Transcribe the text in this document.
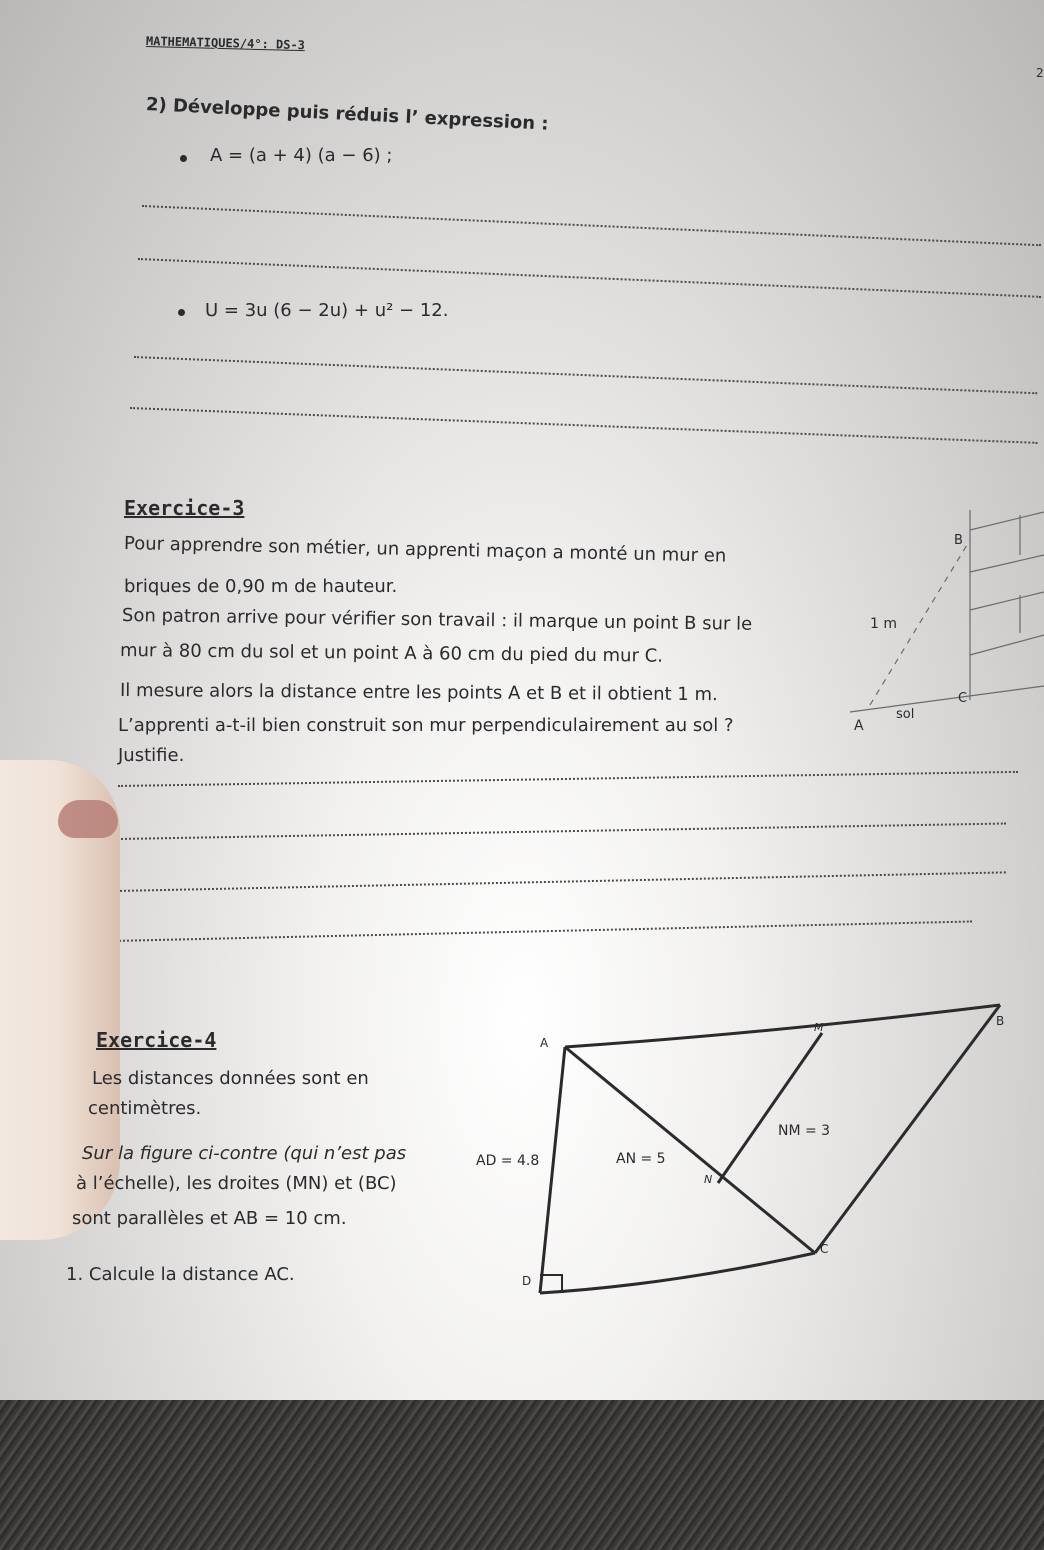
MATHEMATIQUES/4°: DS-3
2
2) Développe puis réduis l’ expression :
A = (a + 4) (a − 6) ;
U = 3u (6 − 2u) + u² − 12.
Exercice-3
Pour apprendre son métier, un apprenti maçon a monté un mur en
briques de 0,90 m de hauteur.
Son patron arrive pour vérifier son travail : il marque un point B sur le
mur à 80 cm du sol et un point A à 60 cm du pied du mur C.
Il mesure alors la distance entre les points A et B et il obtient 1 m.
L’apprenti a-t-il bien construit son mur perpendiculairement au sol ?
Justifie.
B
1 m
A
sol
C
Exercice-4
Les distances données sont en
centimètres.
Sur la figure ci-contre (qui n’est pas
à l’échelle), les droites (MN) et (BC)
sont parallèles et AB = 10 cm.
1. Calcule la distance AC.
A
B
C
D
M
N
NM = 3
AN = 5
AD = 4.8
